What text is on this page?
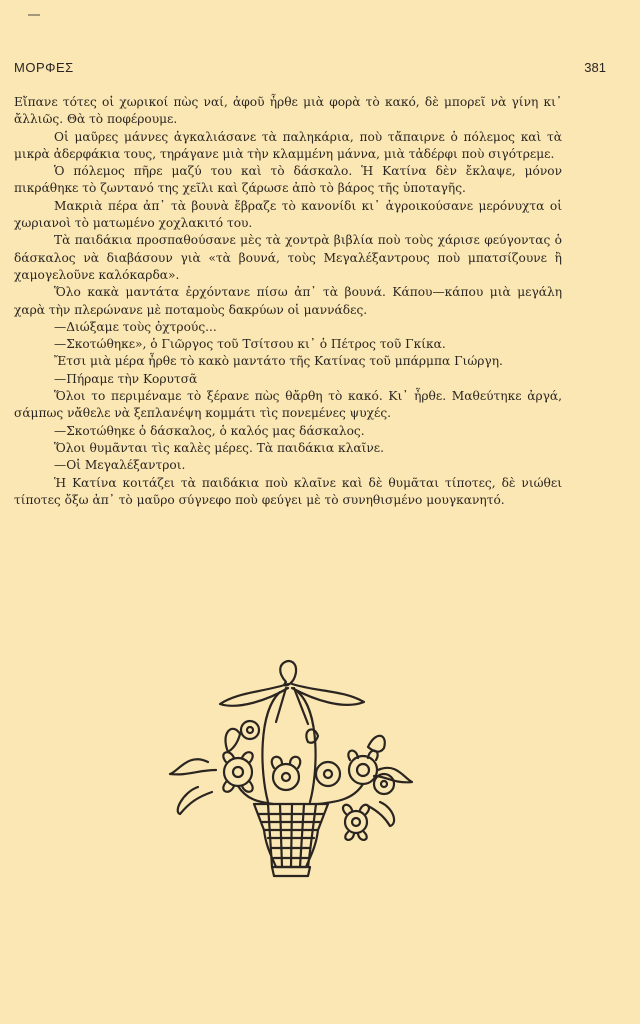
ΜΟΡΦΕΣ	381

Εἴπανε τότες οἱ χωρικοί πὼς ναί, ἀφοῦ ἦρθε μιὰ φορὰ τὸ κακό, δὲ μπορεῖ νὰ γίνη κι᾽ ἄλλιῶς. Θὰ τὸ ποφέρουμε.

Οἱ μαῦρες μάννες ἀγκαλιάσανε τὰ παληκάρια, ποὺ τἄπαιρνε ὁ πόλεμος καὶ τὰ μικρὰ ἀδερφάκια τους, τηράγανε μιὰ τὴν κλαμμένη μάννα, μιὰ τἀδέρφι ποὺ σιγότρεμε.

Ὁ πόλεμος πῆρε μαζύ του καὶ τὸ δάσκαλο. Ἡ Κατίνα δὲν ἔκλαψε, μόνον πικράθηκε τὸ ζωντανό της χεῖλι καὶ ζάρωσε ἀπὸ τὸ βάρος τῆς ὑποταγῆς.

Μακριὰ πέρα ἀπ᾽ τὰ βουνὰ ἔβραζε τὸ κανονίδι κι᾽ ἀγροικούσανε μερόνυχτα οἱ χωριανοὶ τὸ ματωμένο χοχλακιτό του.

Τὰ παιδάκια προσπαθούσανε μὲς τὰ χοντρὰ βιβλία ποὺ τοὺς χάρισε φεύγοντας ὁ δάσκαλος νὰ διαβάσουν γιὰ «τὰ βουνά, τοὺς Μεγαλέξαντρους ποὺ μπατσίζουνε ἢ χαμογελοῦνε καλόκαρδα».

Ὅλο κακὰ μαντάτα ἐρχόντανε πίσω ἀπ᾽ τὰ βουνά. Κάπου—κάπου μιὰ μεγάλη χαρὰ τὴν πλερώνανε μὲ ποταμοὺς δακρύων οἱ μαννάδες.

—Διώξαμε τοὺς ὀχτρούς...

—Σκοτώθηκε», ὁ Γιῶργος τοῦ Τσίτσου κι᾽ ὁ Πέτρος τοῦ Γκίκα.

Ἔτσι μιὰ μέρα ἦρθε τὸ κακὸ μαντάτο τῆς Κατίνας τοῦ μπάρμπα Γιώργη.

—Πήραμε τὴν Κορυτσᾶ

Ὅλοι το περιμέναμε τὸ ξέρανε πὼς θἄρθη τὸ κακό. Κι᾽ ἦρθε. Μαθεύτηκε ἀργά, σάμπως νἄθελε νὰ ξεπλανέψη κομμάτι τὶς πονεμένες ψυχές.

—Σκοτώθηκε ὁ δάσκαλος, ὁ καλός μας δάσκαλος.

Ὅλοι θυμᾶνται τὶς καλὲς μέρες. Τὰ παιδάκια κλαῖνε.

—Οἱ Μεγαλέξαντροι.

Ἡ Κατίνα κοιτάζει τὰ παιδάκια ποὺ κλαῖνε καὶ δὲ θυμᾶται τίποτες, δὲ νιώθει τίποτες ὄξω ἀπ᾽ τὸ μαῦρο σύγνεφο ποὺ φεύγει μὲ τὸ συνηθισμένο μουγκανητό.
